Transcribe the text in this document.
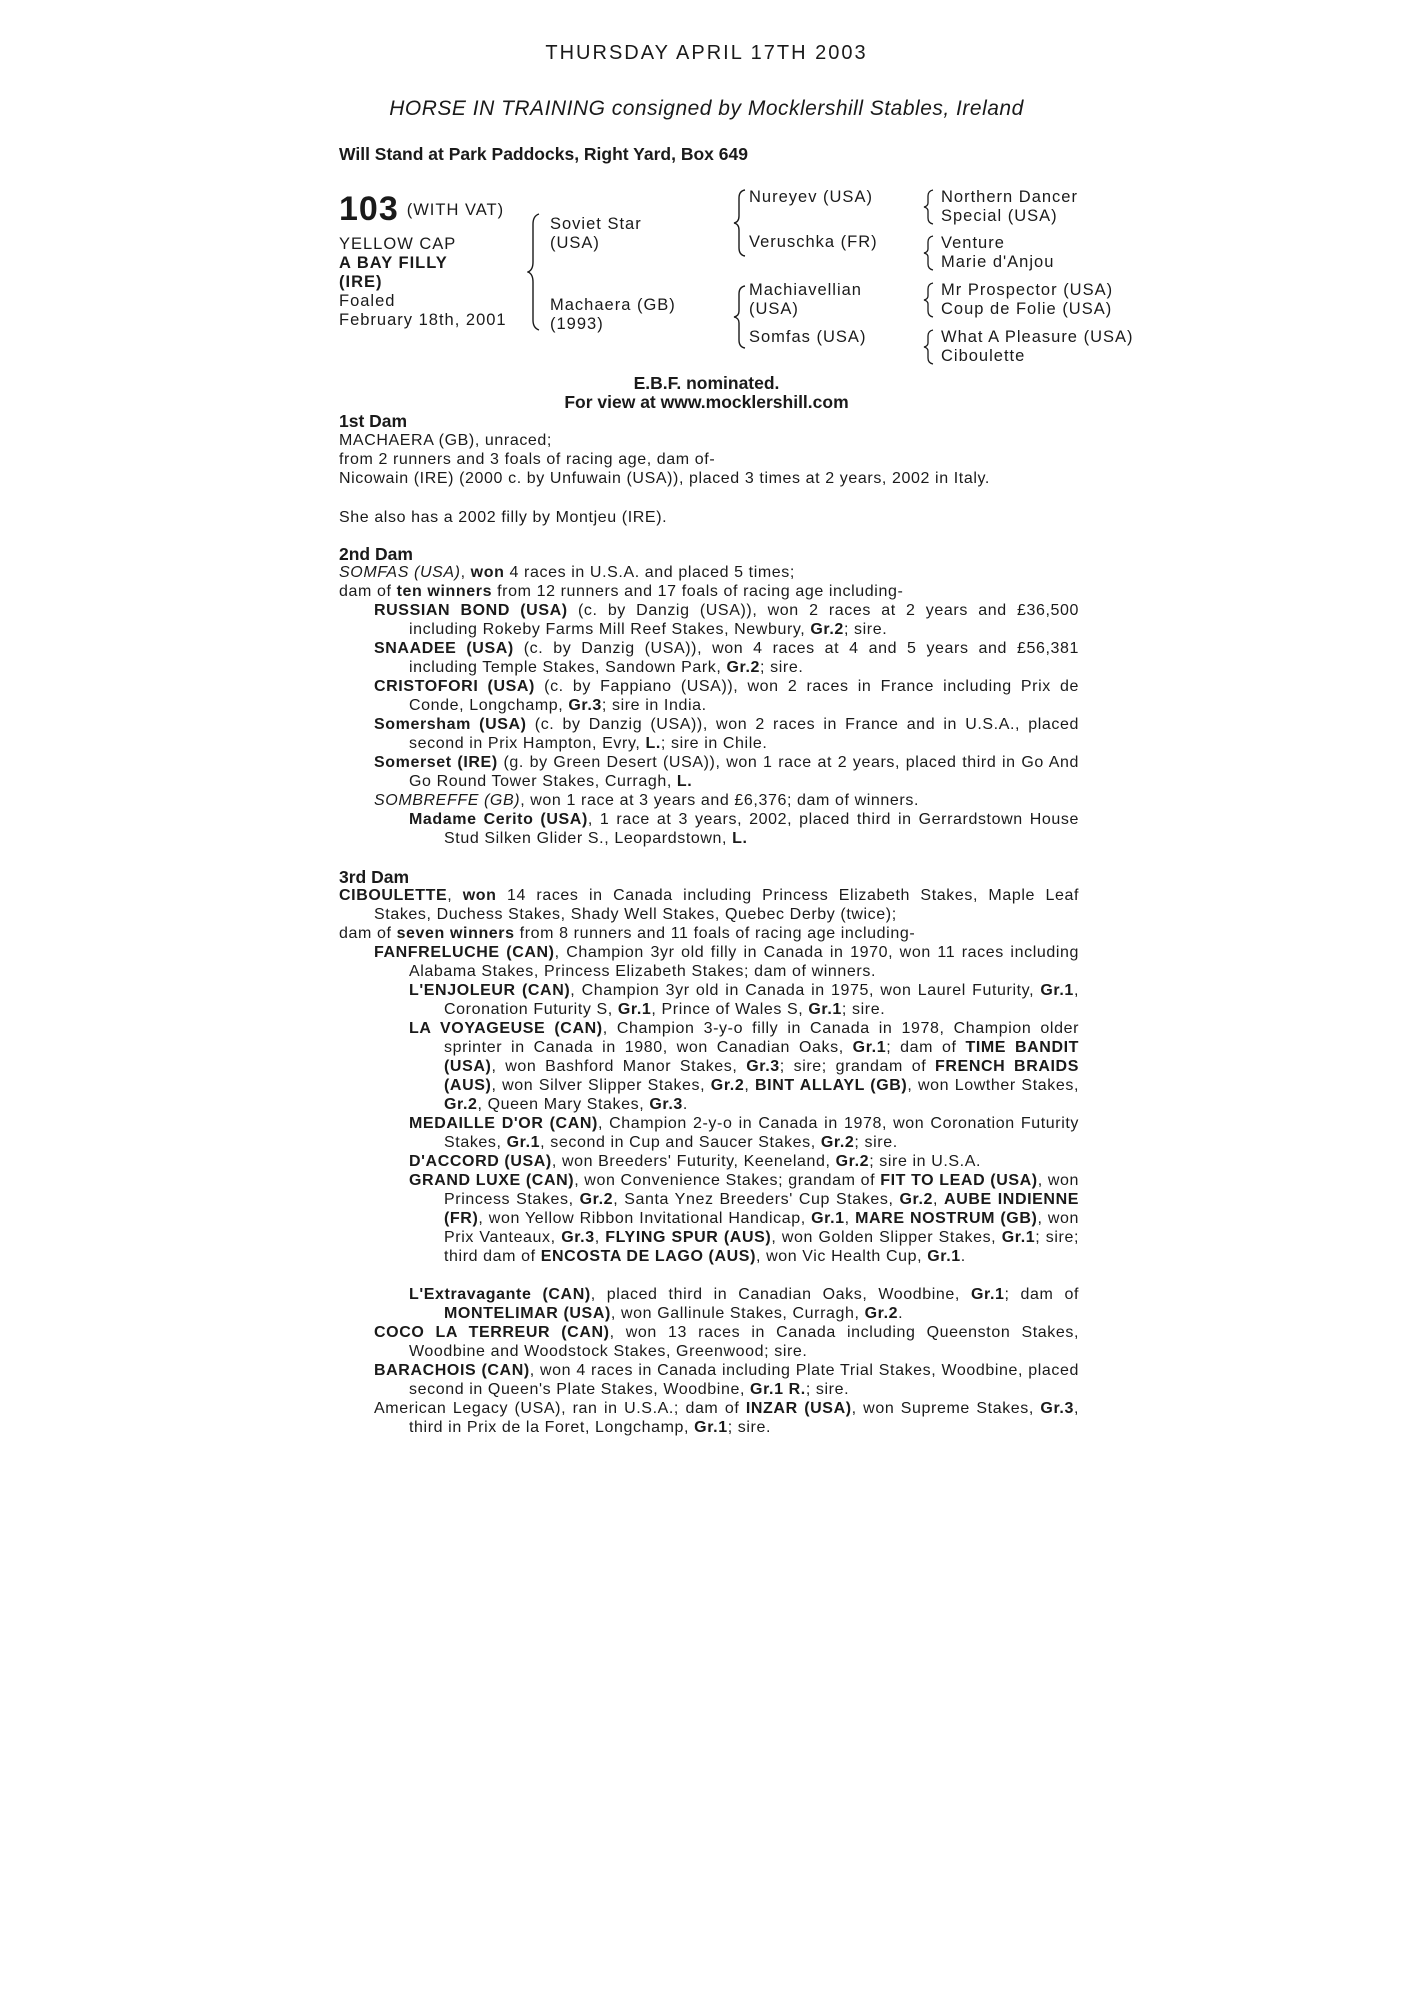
THURSDAY APRIL 17TH 2003
HORSE IN TRAINING consigned by Mocklershill Stables, Ireland
Will Stand at Park Paddocks, Right Yard, Box 649
103 (WITH VAT)
YELLOW CAP
A BAY FILLY
(IRE)
Foaled
February 18th, 2001
Soviet Star
(USA)
Machaera (GB)
(1993)
Nureyev (USA)
Veruschka (FR)
Machiavellian
(USA)
Somfas (USA)
Northern Dancer
Special (USA)
Venture
Marie d'Anjou
Mr Prospector (USA)
Coup de Folie (USA)
What A Pleasure (USA)
Ciboulette
E.B.F. nominated.
For view at www.mocklershill.com
1st Dam
MACHAERA (GB), unraced;
from 2 runners and 3 foals of racing age, dam of-
Nicowain (IRE) (2000 c. by Unfuwain (USA)), placed 3 times at 2 years, 2002 in Italy.
She also has a 2002 filly by Montjeu (IRE).
2nd Dam
SOMFAS (USA), won 4 races in U.S.A. and placed 5 times;
dam of ten winners from 12 runners and 17 foals of racing age including-
RUSSIAN BOND (USA) (c. by Danzig (USA)), won 2 races at 2 years and £36,500 including Rokeby Farms Mill Reef Stakes, Newbury, Gr.2; sire.
SNAADEE (USA) (c. by Danzig (USA)), won 4 races at 4 and 5 years and £56,381 including Temple Stakes, Sandown Park, Gr.2; sire.
CRISTOFORI (USA) (c. by Fappiano (USA)), won 2 races in France including Prix de Conde, Longchamp, Gr.3; sire in India.
Somersham (USA) (c. by Danzig (USA)), won 2 races in France and in U.S.A., placed second in Prix Hampton, Evry, L.; sire in Chile.
Somerset (IRE) (g. by Green Desert (USA)), won 1 race at 2 years, placed third in Go And Go Round Tower Stakes, Curragh, L.
SOMBREFFE (GB), won 1 race at 3 years and £6,376; dam of winners.
Madame Cerito (USA), 1 race at 3 years, 2002, placed third in Gerrardstown House Stud Silken Glider S., Leopardstown, L.
3rd Dam
CIBOULETTE, won 14 races in Canada including Princess Elizabeth Stakes, Maple Leaf Stakes, Duchess Stakes, Shady Well Stakes, Quebec Derby (twice);
dam of seven winners from 8 runners and 11 foals of racing age including-
FANFRELUCHE (CAN), Champion 3yr old filly in Canada in 1970, won 11 races including Alabama Stakes, Princess Elizabeth Stakes; dam of winners.
L'ENJOLEUR (CAN), Champion 3yr old in Canada in 1975, won Laurel Futurity, Gr.1, Coronation Futurity S, Gr.1, Prince of Wales S, Gr.1; sire.
LA VOYAGEUSE (CAN), Champion 3-y-o filly in Canada in 1978, Champion older sprinter in Canada in 1980, won Canadian Oaks, Gr.1; dam of TIME BANDIT (USA), won Bashford Manor Stakes, Gr.3; sire; grandam of FRENCH BRAIDS (AUS), won Silver Slipper Stakes, Gr.2, BINT ALLAYL (GB), won Lowther Stakes, Gr.2, Queen Mary Stakes, Gr.3.
MEDAILLE D'OR (CAN), Champion 2-y-o in Canada in 1978, won Coronation Futurity Stakes, Gr.1, second in Cup and Saucer Stakes, Gr.2; sire.
D'ACCORD (USA), won Breeders' Futurity, Keeneland, Gr.2; sire in U.S.A.
GRAND LUXE (CAN), won Convenience Stakes; grandam of FIT TO LEAD (USA), won Princess Stakes, Gr.2, Santa Ynez Breeders' Cup Stakes, Gr.2, AUBE INDIENNE (FR), won Yellow Ribbon Invitational Handicap, Gr.1, MARE NOSTRUM (GB), won Prix Vanteaux, Gr.3, FLYING SPUR (AUS), won Golden Slipper Stakes, Gr.1; sire; third dam of ENCOSTA DE LAGO (AUS), won Vic Health Cup, Gr.1.
L'Extravagante (CAN), placed third in Canadian Oaks, Woodbine, Gr.1; dam of MONTELIMAR (USA), won Gallinule Stakes, Curragh, Gr.2.
COCO LA TERREUR (CAN), won 13 races in Canada including Queenston Stakes, Woodbine and Woodstock Stakes, Greenwood; sire.
BARACHOIS (CAN), won 4 races in Canada including Plate Trial Stakes, Woodbine, placed second in Queen's Plate Stakes, Woodbine, Gr.1 R.; sire.
American Legacy (USA), ran in U.S.A.; dam of INZAR (USA), won Supreme Stakes, Gr.3, third in Prix de la Foret, Longchamp, Gr.1; sire.
